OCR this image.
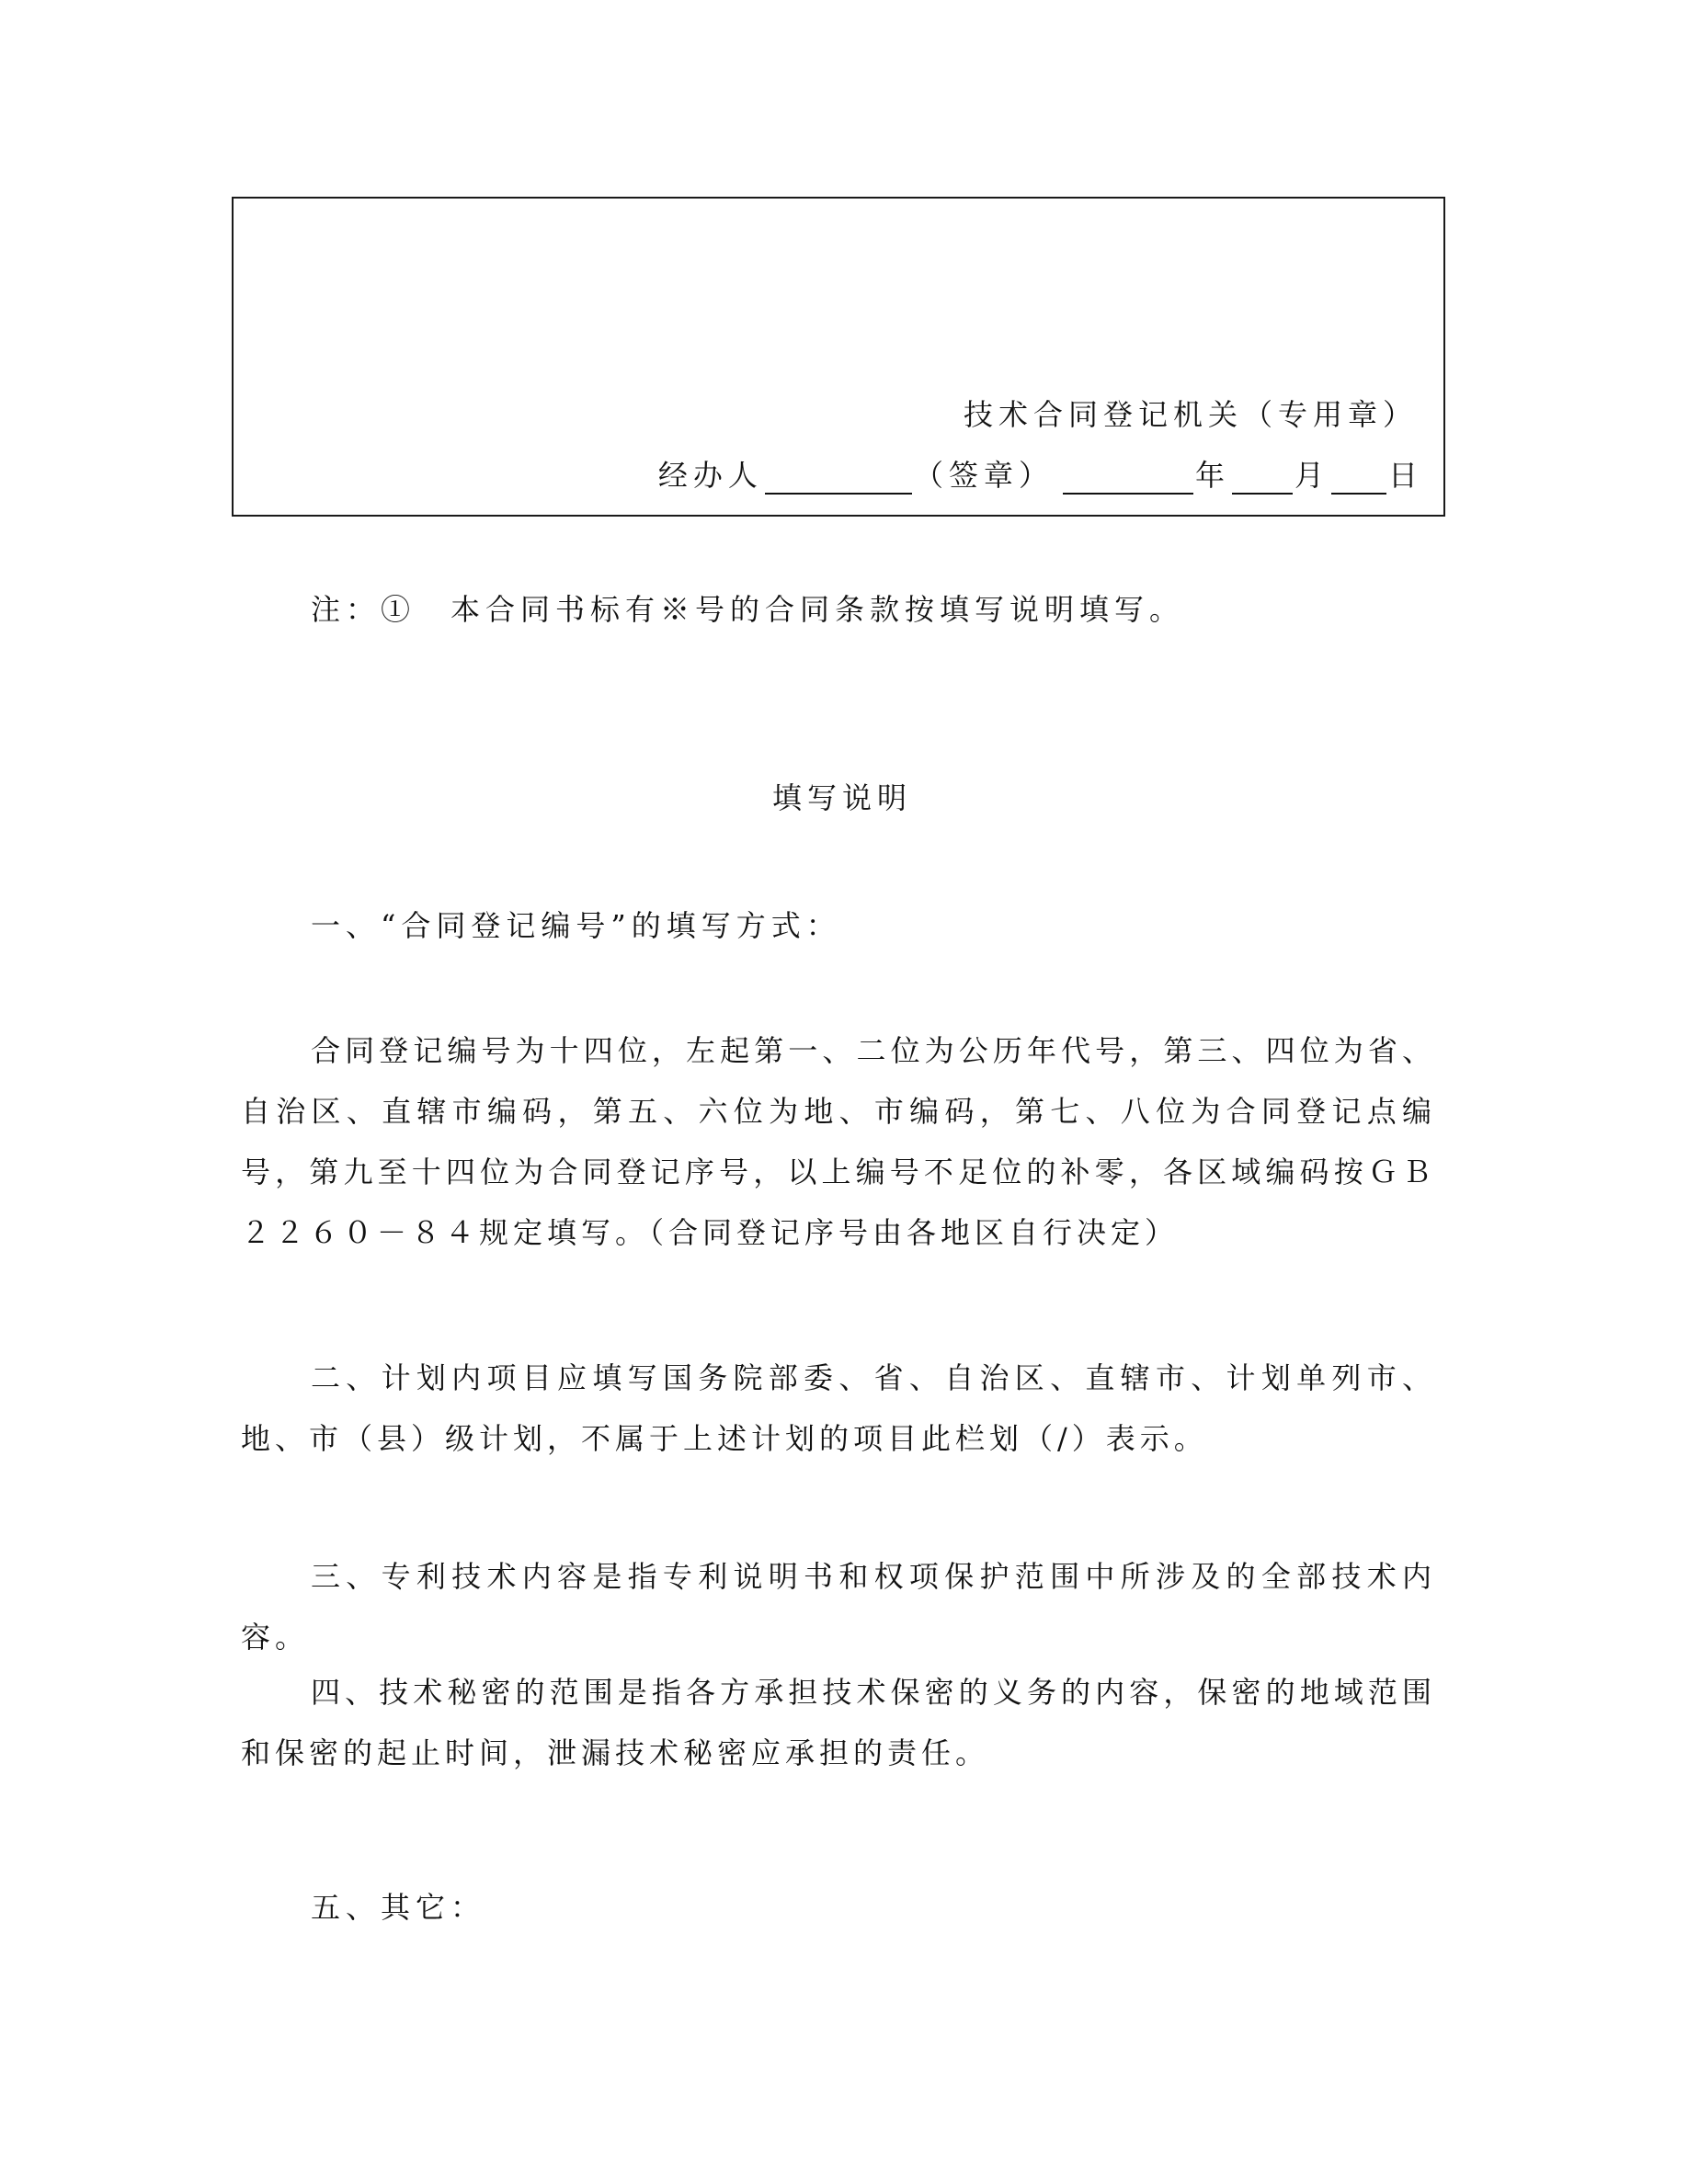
技术合同登记机关（专用章）
经办人	（签章）	年 月 日
注：①　本合同书标有※号的合同条款按填写说明填写。
填写说明
一、“合同登记编号”的填写方式：
合同登记编号为十四位，左起第一、二位为公历年代号，第三、四位为省、自治区、直辖市编码，第五、六位为地、市编码，第七、八位为合同登记点编号，第九至十四位为合同登记序号，以上编号不足位的补零，各区域编码按ＧＢ２２６０－８４规定填写。（合同登记序号由各地区自行决定）
二、计划内项目应填写国务院部委、省、自治区、直辖市、计划单列市、地、市（县）级计划，不属于上述计划的项目此栏划（/）表示。
三、专利技术内容是指专利说明书和权项保护范围中所涉及的全部技术内容。
四、技术秘密的范围是指各方承担技术保密的义务的内容，保密的地域范围和保密的起止时间，泄漏技术秘密应承担的责任。
五、其它：
